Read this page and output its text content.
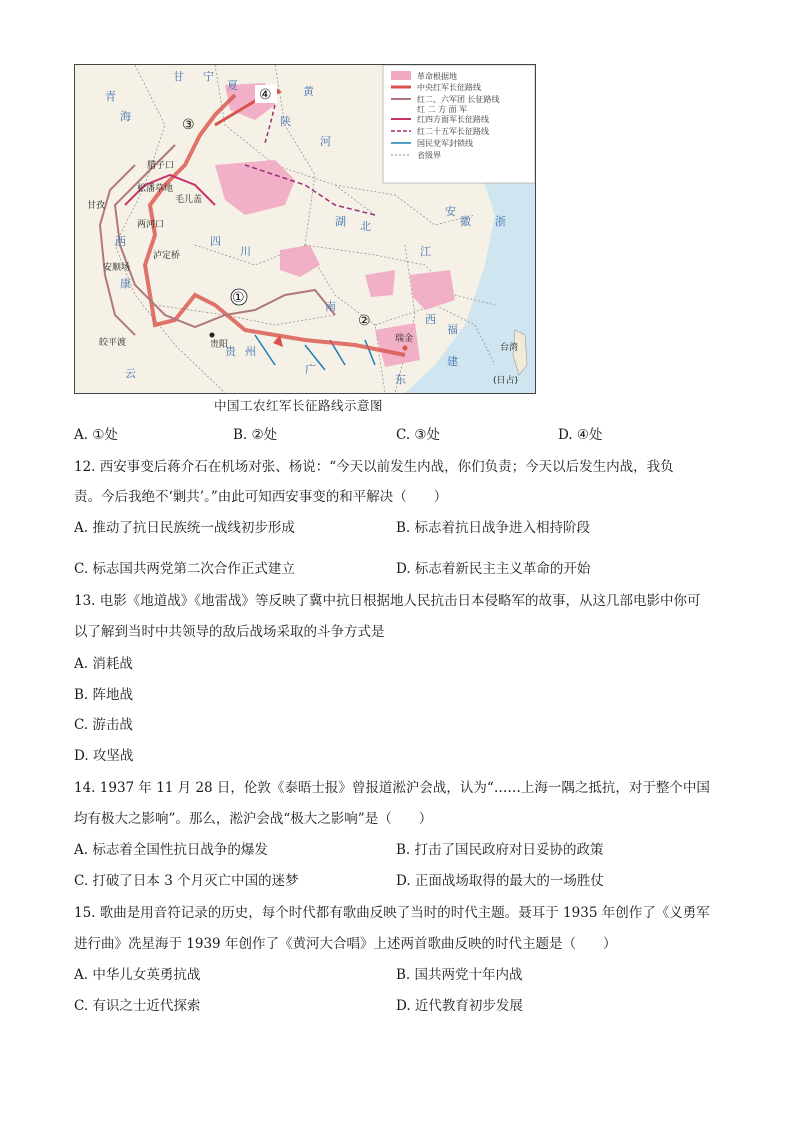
革命根据地
中央红军长征路线
红二、六军团 长征路线
红 二 方 面 军
红四方面军长征路线
红二十五军长征路线
国民党军封锁线
省级界
甘 宁
夏
陕
青
海
四
川
西
康
湖 北
南
江
西
浙
福
建
广
东
云
贵 州
安
徽
台湾
(日占)
河
黄
甘孜
毛儿盖
腊子口
泸定桥
安顺场
皎平渡	贵阳
瑞金
两河口
松潘草地
①
②
③
④
中国工农红军长征路线示意图
A. ①处	B. ②处	C. ③处	D. ④处
12. 西安事变后蒋介石在机场对张、杨说：“今天以前发生内战，你们负责；今天以后发生内战，我负
责。今后我绝不‘剿共’。”由此可知西安事变的和平解决（　　）
A. 推动了抗日民族统一战线初步形成	B. 标志着抗日战争进入相持阶段
C. 标志国共两党第二次合作正式建立	D. 标志着新民主主义革命的开始
13. 电影《地道战》《地雷战》等反映了冀中抗日根据地人民抗击日本侵略军的故事，从这几部电影中你可
以了解到当时中共领导的敌后战场采取的斗争方式是
A. 消耗战
B. 阵地战
C. 游击战
D. 攻坚战
14. 1937 年 11 月 28 日，伦敦《泰晤士报》曾报道淞沪会战，认为“……上海一隅之抵抗，对于整个中国
均有极大之影响”。那么，淞沪会战“极大之影响”是（　　）
A. 标志着全国性抗日战争的爆发	B. 打击了国民政府对日妥协的政策
C. 打破了日本 3 个月灭亡中国的迷梦	D. 正面战场取得的最大的一场胜仗
15. 歌曲是用音符记录的历史，每个时代都有歌曲反映了当时的时代主题。聂耳于 1935 年创作了《义勇军
进行曲》冼星海于 1939 年创作了《黄河大合唱》上述两首歌曲反映的时代主题是（　　）
A. 中华儿女英勇抗战	B. 国共两党十年内战
C. 有识之士近代探索	D. 近代教育初步发展
